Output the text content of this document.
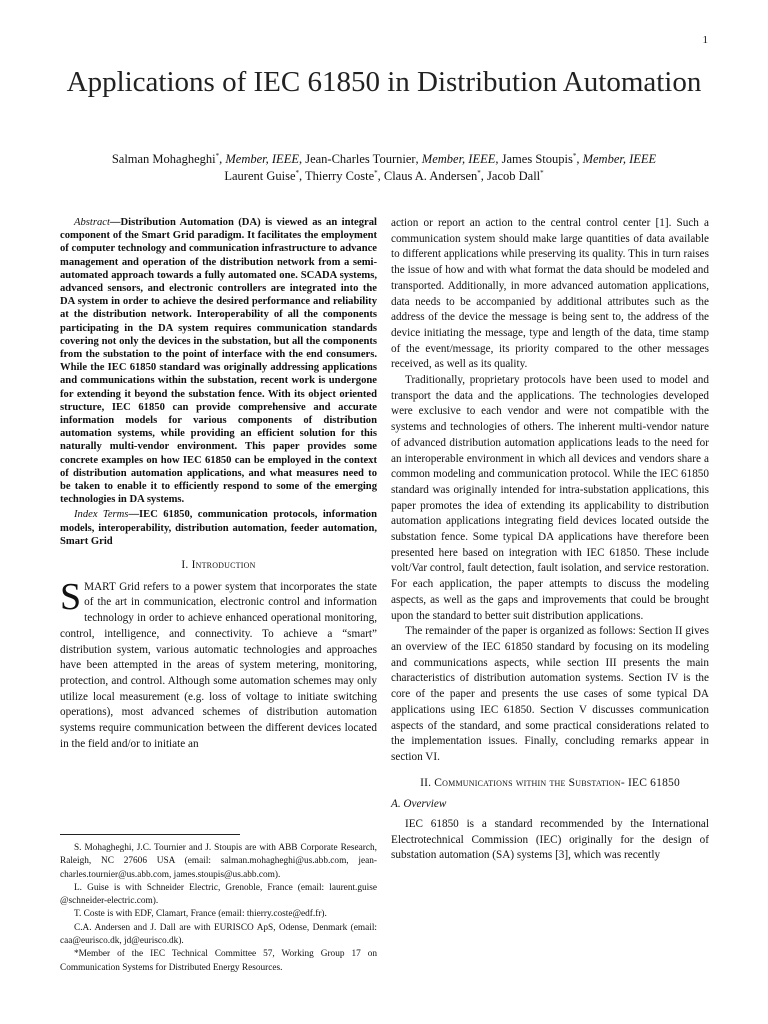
1
Applications of IEC 61850 in Distribution Automation
Salman Mohagheghi*, Member, IEEE, Jean-Charles Tournier, Member, IEEE, James Stoupis*, Member, IEEE
Laurent Guise*, Thierry Coste*, Claus A. Andersen*, Jacob Dall*

Abstract—Distribution Automation (DA) is viewed as an integral component of the Smart Grid paradigm. It facilitates the employment of computer technology and communication infrastructure to advance management and operation of the distribution network from a semi-automated approach towards a fully automated one. SCADA systems, advanced sensors, and electronic controllers are integrated into the DA system in order to achieve the desired performance and reliability at the distribution network. Interoperability of all the components participating in the DA system requires communication standards covering not only the devices in the substation, but all the components from the substation to the point of interface with the end consumers. While the IEC 61850 standard was originally addressing applications and communications within the substation, recent work is undergone for extending it beyond the substation fence. With its object oriented structure, IEC 61850 can provide comprehensive and accurate information models for various components of distribution automation systems, while providing an efficient solution for this naturally multi-vendor environment. This paper provides some concrete examples on how IEC 61850 can be employed in the context of distribution automation applications, and what measures need to be taken to enable it to efficiently respond to some of the emerging technologies in DA systems.

Index Terms—IEC 61850, communication protocols, information models, interoperability, distribution automation, feeder automation, Smart Grid

I. Introduction

SMART Grid refers to a power system that incorporates the state of the art in communication, electronic control and information technology in order to achieve enhanced operational monitoring, control, intelligence, and connectivity. To achieve a “smart” distribution system, various automatic technologies and approaches have been attempted in the areas of system metering, monitoring, protection, and control. Although some automation schemes may only utilize local measurement (e.g. loss of voltage to initiate switching operations), most advanced schemes of distribution automation systems require communication between the different devices located in the field and/or to initiate an

S. Mohagheghi, J.C. Tournier and J. Stoupis are with ABB Corporate Research, Raleigh, NC 27606 USA (email: salman.mohagheghi@us.abb.com, jean-charles.tournier@us.abb.com, james.stoupis@us.abb.com).

L. Guise is with Schneider Electric, Grenoble, France (email: laurent.guise @schneider-electric.com).

T. Coste is with EDF, Clamart, France (email: thierry.coste@edf.fr).

C.A. Andersen and J. Dall are with EURISCO ApS, Odense, Denmark (email: caa@eurisco.dk, jd@eurisco.dk).

*Member of the IEC Technical Committee 57, Working Group 17 on Communication Systems for Distributed Energy Resources.

action or report an action to the central control center [1]. Such a communication system should make large quantities of data available to different applications while preserving its quality. This in turn raises the issue of how and with what format the data should be modeled and transported. Additionally, in more advanced automation applications, data needs to be accompanied by additional attributes such as the address of the device the message is being sent to, the address of the device initiating the message, type and length of the data, time stamp of the event/message, its priority compared to the other messages received, as well as its quality.

Traditionally, proprietary protocols have been used to model and transport the data and the applications. The technologies developed were exclusive to each vendor and were not compatible with the systems and technologies of others. The inherent multi-vendor nature of advanced distribution automation applications leads to the need for an interoperable environment in which all devices and vendors share a common modeling and communication protocol. While the IEC 61850 standard was originally intended for intra-substation applications, this paper promotes the idea of extending its applicability to distribution automation applications integrating field devices located outside the substation fence. Some typical DA applications have therefore been presented here based on integration with IEC 61850. These include volt/Var control, fault detection, fault isolation, and service restoration. For each application, the paper attempts to discuss the modeling aspects, as well as the gaps and improvements that could be brought upon the standard to better suit distribution applications.

The remainder of the paper is organized as follows: Section II gives an overview of the IEC 61850 standard by focusing on its modeling and communications aspects, while section III presents the main characteristics of distribution automation systems. Section IV is the core of the paper and presents the use cases of some typical DA applications using IEC 61850. Section V discusses communication aspects of the standard, and some practical considerations related to the implementation issues. Finally, concluding remarks appear in section VI.

II. Communications within the Substation- IEC 61850

A. Overview

IEC 61850 is a standard recommended by the International Electrotechnical Commission (IEC) originally for the design of substation automation (SA) systems [3], which was recently
